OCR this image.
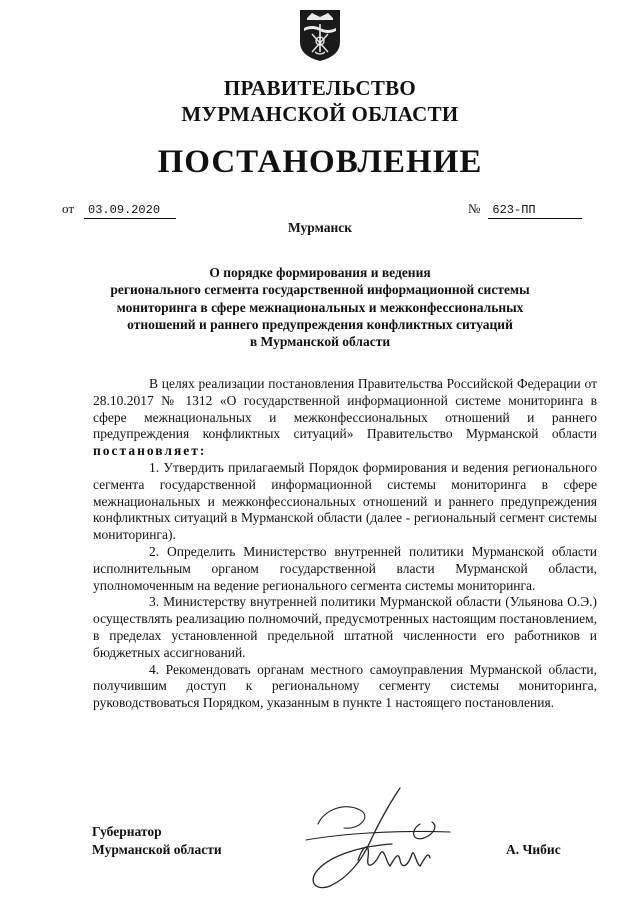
ПРАВИТЕЛЬСТВО
МУРМАНСКОЙ ОБЛАСТИ
ПОСТАНОВЛЕНИЕ
от 03.09.2020	№ 623-ПП
Мурманск
О порядке формирования и ведения
регионального сегмента государственной информационной системы
мониторинга в сфере межнациональных и межконфессиональных
отношений и раннего предупреждения конфликтных ситуаций
в Мурманской области

В целях реализации постановления Правительства Российской Федерации от 28.10.2017 № 1312 «О государственной информационной системе мониторинга в сфере межнациональных и межконфессиональных отношений и раннего предупреждения конфликтных ситуаций» Правительство Мурманской области постановляет:

1. Утвердить прилагаемый Порядок формирования и ведения регионального сегмента государственной информационной системы мониторинга в сфере межнациональных и межконфессиональных отношений и раннего предупреждения конфликтных ситуаций в Мурманской области (далее - региональный сегмент системы мониторинга).

2. Определить Министерство внутренней политики Мурманской области исполнительным органом государственной власти Мурманской области, уполномоченным на ведение регионального сегмента системы мониторинга.

3. Министерству внутренней политики Мурманской области (Ульянова О.Э.) осуществлять реализацию полномочий, предусмотренных настоящим постановлением, в пределах установленной предельной штатной численности его работников и бюджетных ассигнований.

4. Рекомендовать органам местного самоуправления Мурманской области, получившим доступ к региональному сегменту системы мониторинга, руководствоваться Порядком, указанным в пункте 1 настоящего постановления.

Губернатор
Мурманской области	А. Чибис
